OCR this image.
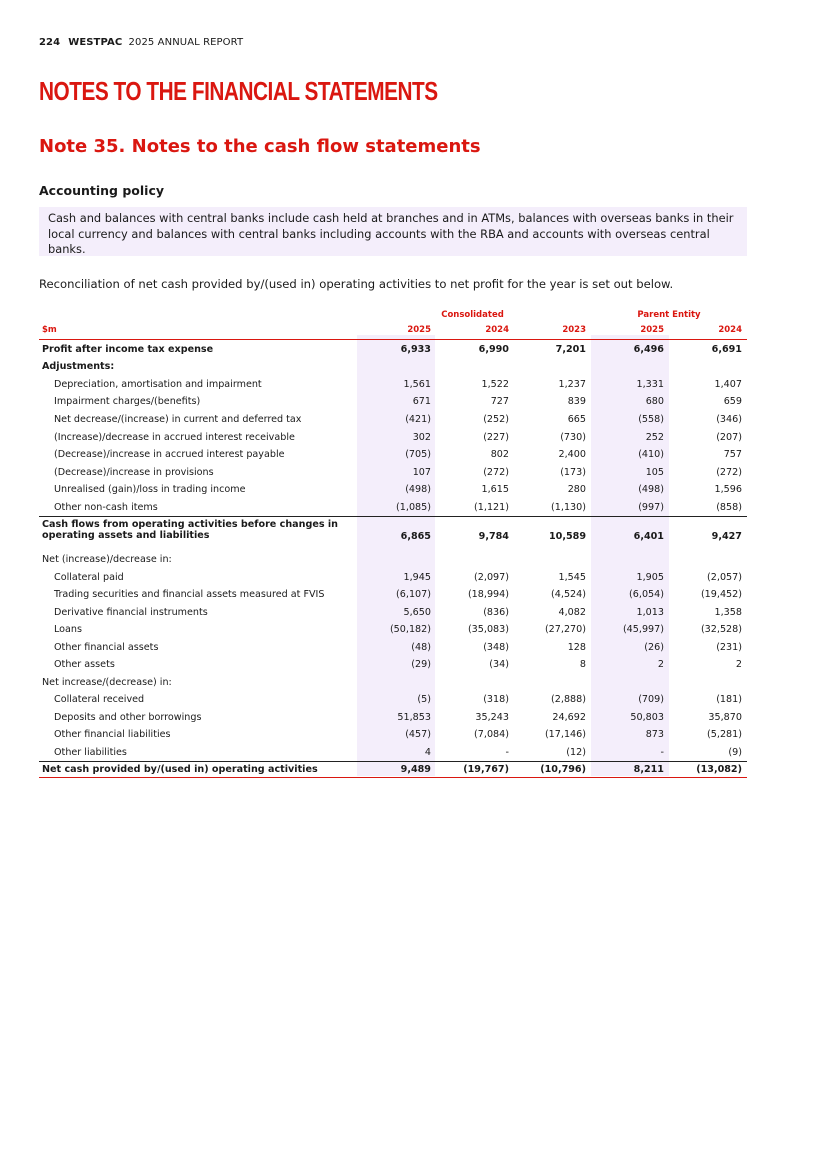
224 WESTPAC 2025 ANNUAL REPORT
NOTES TO THE FINANCIAL STATEMENTS
Note 35. Notes to the cash flow statements
Accounting policy
Cash and balances with central banks include cash held at branches and in ATMs, balances with overseas banks in their local currency and balances with central banks including accounts with the RBA and accounts with overseas central banks.
Reconciliation of net cash provided by/(used in) operating activities to net profit for the year is set out below.
Consolidated	Parent Entity
$m	2025	2024	2023	2025	2024
Profit after income tax expense	6,933	6,990	7,201	6,496	6,691
Adjustments:
Depreciation, amortisation and impairment	1,561	1,522	1,237	1,331	1,407
Impairment charges/(benefits)	671	727	839	680	659
Net decrease/(increase) in current and deferred tax	(421)	(252)	665	(558)	(346)
(Increase)/decrease in accrued interest receivable	302	(227)	(730)	252	(207)
(Decrease)/increase in accrued interest payable	(705)	802	2,400	(410)	757
(Decrease)/increase in provisions	107	(272)	(173)	105	(272)
Unrealised (gain)/loss in trading income	(498)	1,615	280	(498)	1,596
Other non-cash items	(1,085)	(1,121)	(1,130)	(997)	(858)
Cash flows from operating activities before changes in
operating assets and liabilities	6,865	9,784	10,589	6,401	9,427
Net (increase)/decrease in:
Collateral paid	1,945	(2,097)	1,545	1,905	(2,057)
Trading securities and financial assets measured at FVIS	(6,107)	(18,994)	(4,524)	(6,054)	(19,452)
Derivative financial instruments	5,650	(836)	4,082	1,013	1,358
Loans	(50,182)	(35,083)	(27,270)	(45,997)	(32,528)
Other financial assets	(48)	(348)	128	(26)	(231)
Other assets	(29)	(34)	8	2	2
Net increase/(decrease) in:
Collateral received	(5)	(318)	(2,888)	(709)	(181)
Deposits and other borrowings	51,853	35,243	24,692	50,803	35,870
Other financial liabilities	(457)	(7,084)	(17,146)	873	(5,281)
Other liabilities	4	-	(12)	-	(9)
Net cash provided by/(used in) operating activities	9,489	(19,767)	(10,796)	8,211	(13,082)
